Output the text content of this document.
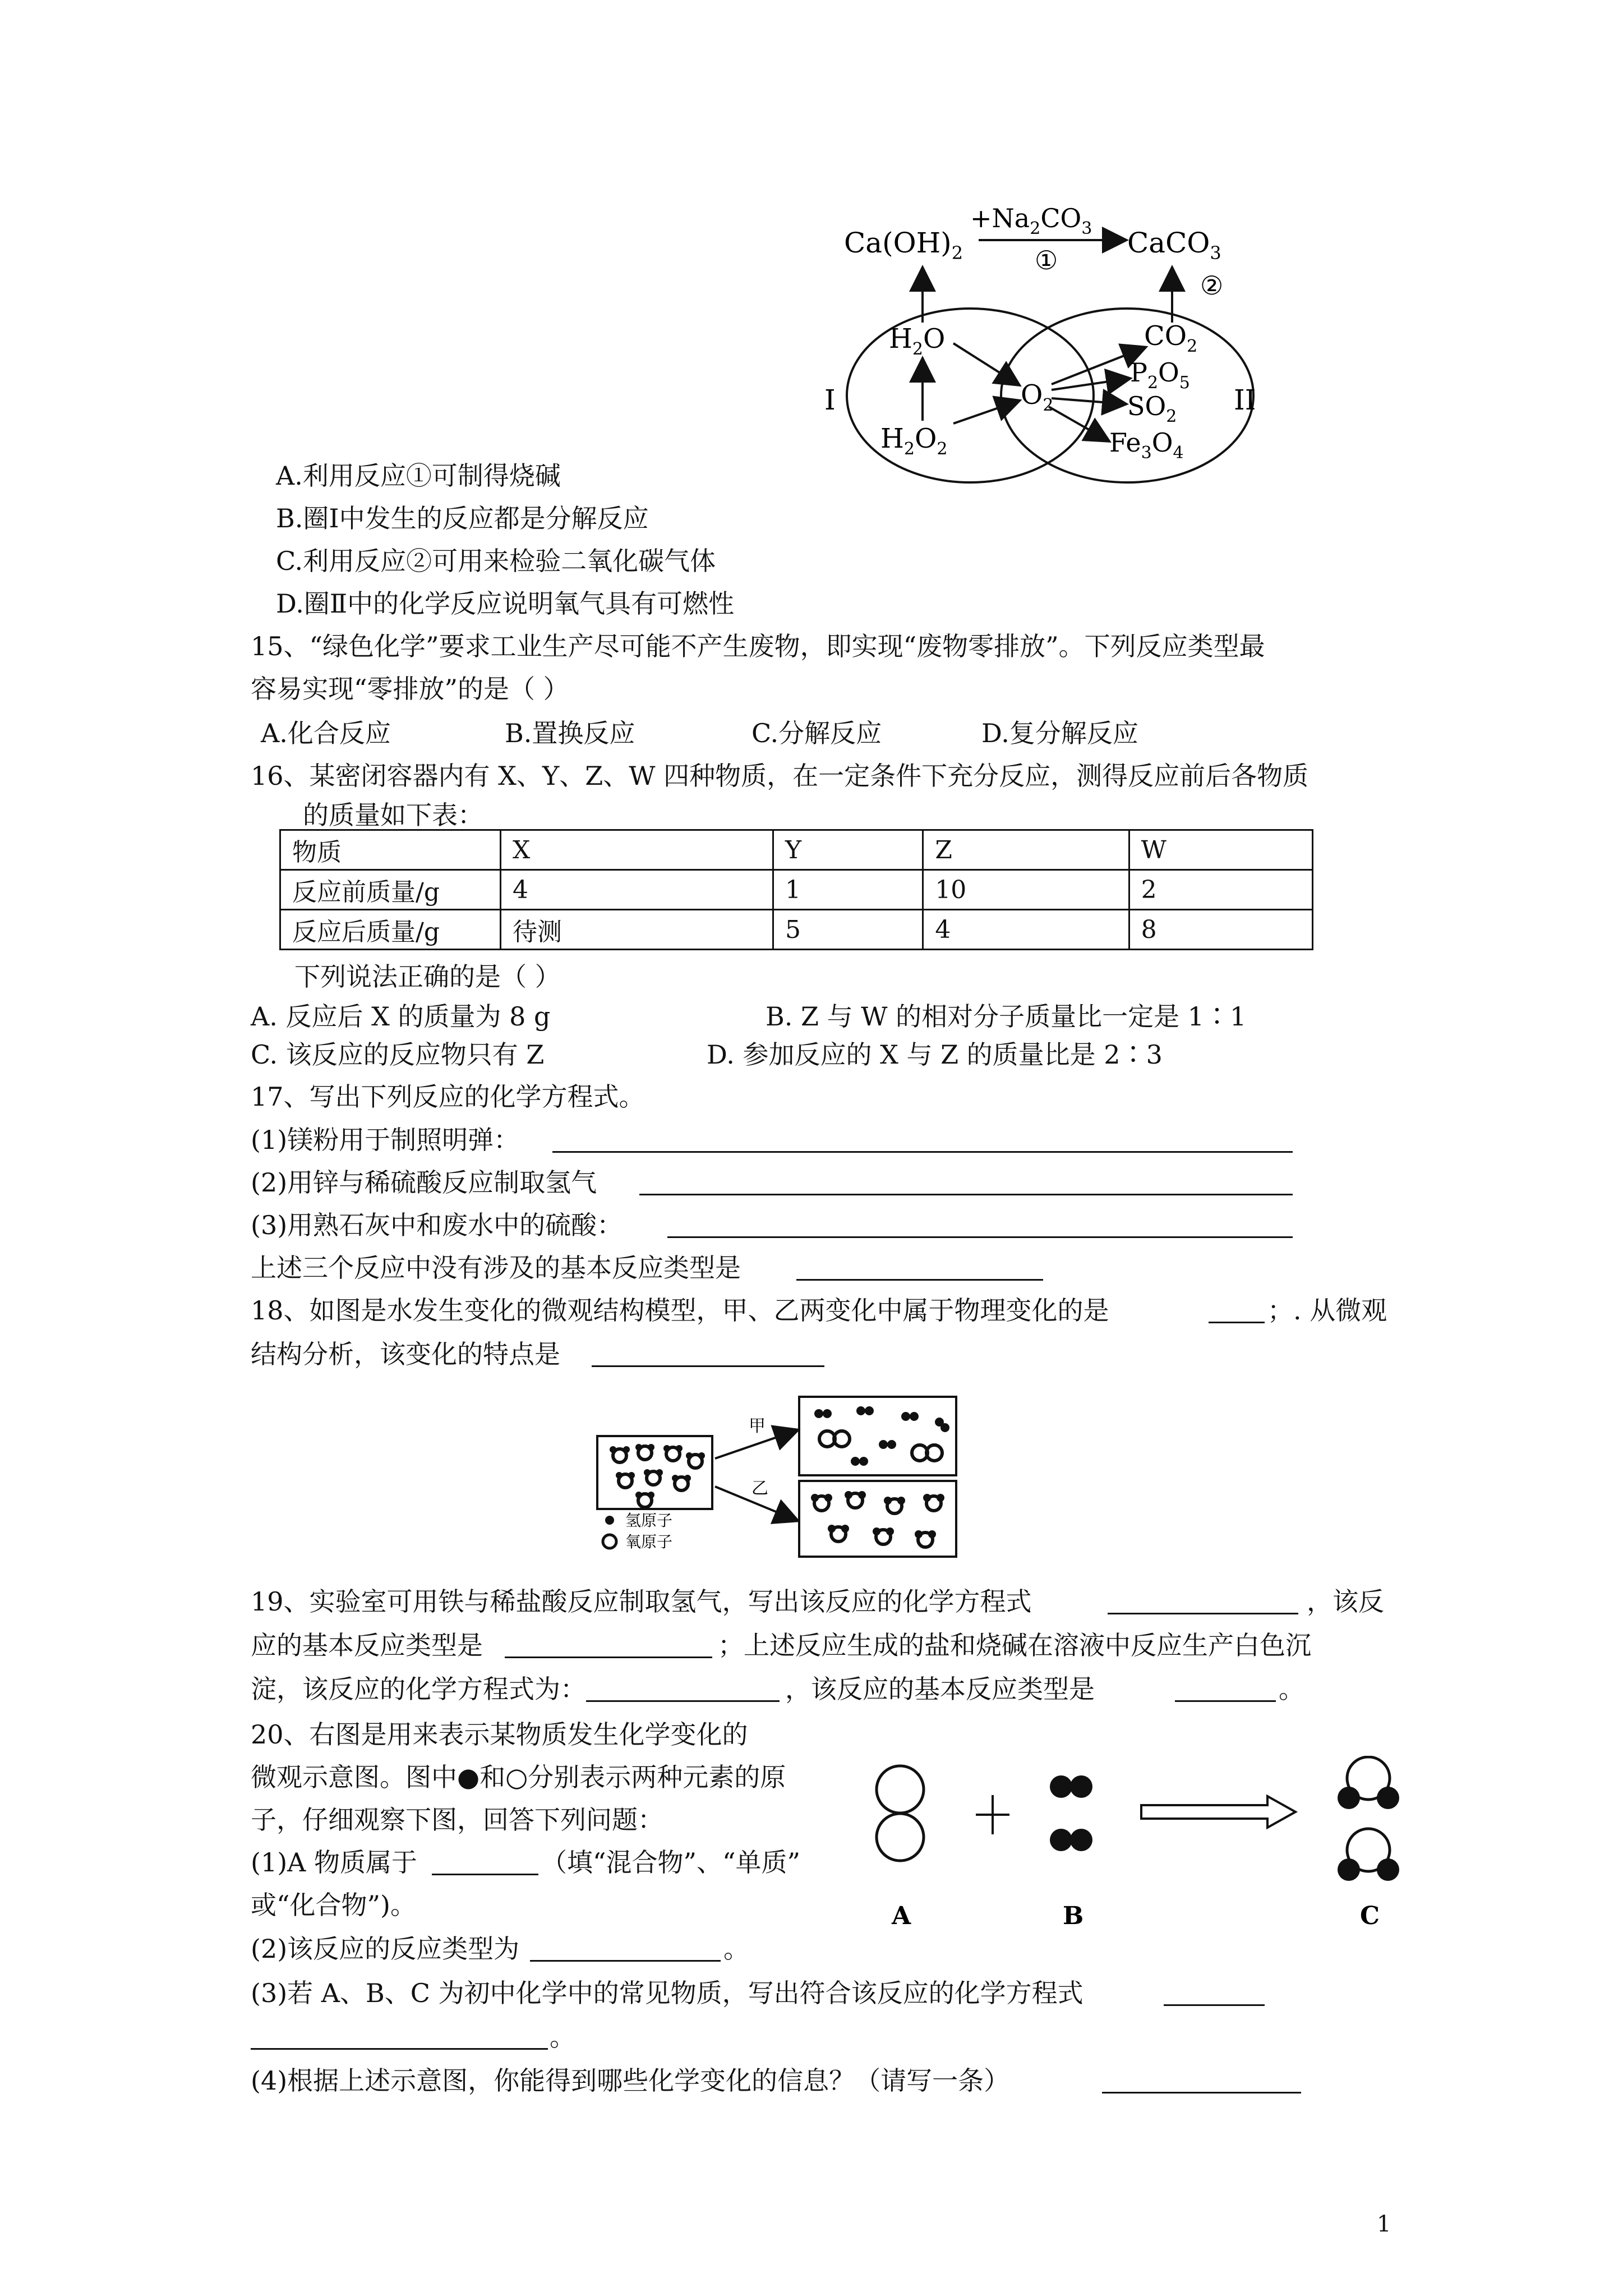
$Ca(OH)_2$
$+Na_2CO_3$
①
CaCO$_3$
②
$H_2O$
$H_2O_2$
I	II
$O_2$
$CO_2$
$P_2O_5$
$SO_2$
$Fe_3O_4$
A.利用反应①可制得烧碱
B.圈Ⅰ中发生的反应都是分解反应
C.利用反应②可用来检验二氧化碳气体
D.圈Ⅱ中的化学反应说明氧气具有可燃性
15、“绿色化学”要求工业生产尽可能不产生废物，即实现“废物零排放”。下列反应类型最
容易实现“零排放”的是（ ）
A.化合反应	B.置换反应	C.分解反应	D.复分解反应
16、某密闭容器内有 X、Y、Z、W 四种物质，在一定条件下充分反应，测得反应前后各物质
的质量如下表：
物质	X	Y	Z	W
反应前质量/g	4	1	10	2
反应后质量/g	待测	5	4	8
下列说法正确的是（ ）
A. 反应后 X 的质量为 8 g	B. Z 与 W 的相对分子质量比一定是 1∶1
C. 该反应的反应物只有 Z	D. 参加反应的 X 与 Z 的质量比是 2∶3
17、写出下列反应的化学方程式。
(1)镁粉用于制照明弹：
(2)用锌与稀硫酸反应制取氢气
(3)用熟石灰中和废水中的硫酸：
上述三个反应中没有涉及的基本反应类型是
18、如图是水发生变化的微观结构模型，甲、乙两变化中属于物理变化的是	；. 从微观
结构分析，该变化的特点是
甲
乙
氢原子
氧原子
19、实验室可用铁与稀盐酸反应制取氢气，写出该反应的化学方程式	，该反
应的基本反应类型是	；上述反应生成的盐和烧碱在溶液中反应生产白色沉
淀，该反应的化学方程式为：	，该反应的基本反应类型是	。
20、右图是用来表示某物质发生化学变化的
微观示意图。图中●和○分别表示两种元素的原
子，仔细观察下图，回答下列问题：
(1)A 物质属于	（填“混合物”、“单质”
或“化合物”)。
(2)该反应的反应类型为	。
(3)若 A、B、C 为初中化学中的常见物质，写出符合该反应的化学方程式
。
(4)根据上述示意图，你能得到哪些化学变化的信息？（请写一条）
A	B	C
1
